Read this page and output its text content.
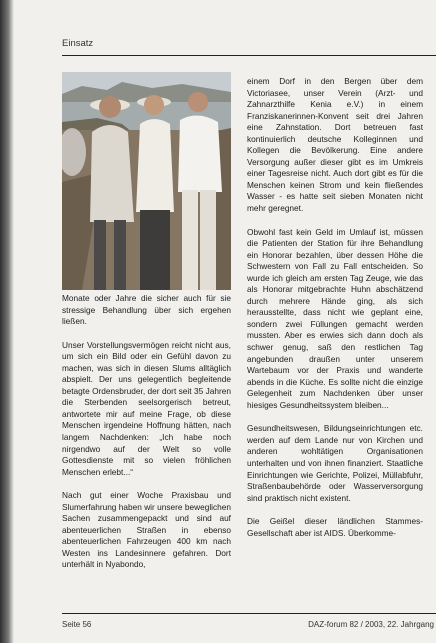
Einsatz

Monate oder Jahre die sicher auch für sie stressige Behandlung über sich ergehen ließen.

Unser Vorstellungsvermögen reicht nicht aus, um sich ein Bild oder ein Gefühl davon zu machen, was sich in diesen Slums alltäglich abspielt. Der uns gelegentlich begleitende betagte Ordensbruder, der dort seit 35 Jahren die Sterbenden seelsorgerisch betreut, antwortete mir auf meine Frage, ob diese Menschen irgendeine Hoffnung hätten, nach langem Nachdenken: „Ich habe noch nirgendwo auf der Welt so volle Gottesdienste mit so vielen fröhlichen Menschen erlebt...“

Nach gut einer Woche Praxisbau und Slumerfahrung haben wir unsere beweglichen Sachen zusammengepackt und sind auf abenteuerlichen Straßen in ebenso abenteuerlichen Fahrzeugen 400 km nach Westen ins Landesinnere gefahren. Dort unterhält in Nyabondo,

einem Dorf in den Bergen über dem Victoriasee, unser Verein (Arzt- und Zahnarzthilfe Kenia e.V.) in einem Franziskanerinnen-Konvent seit drei Jahren eine Zahnstation. Dort betreuen fast kontinuierlich deutsche Kolleginnen und Kollegen die Bevölkerung. Eine andere Versorgung außer dieser gibt es im Umkreis einer Tagesreise nicht. Auch dort gibt es für die Menschen keinen Strom und kein fließendes Wasser - es hatte seit sieben Monaten nicht mehr geregnet.

Obwohl fast kein Geld im Umlauf ist, müssen die Patienten der Station für ihre Behandlung ein Honorar bezahlen, über dessen Höhe die Schwestern von Fall zu Fall entscheiden. So wurde ich gleich am ersten Tag Zeuge, wie das als Honorar mitgebrachte Huhn abschätzend durch mehrere Hände ging, als sich herausstellte, dass nicht wie geplant eine, sondern zwei Füllungen gemacht werden mussten. Aber es erwies sich dann doch als schwer genug, saß den restlichen Tag angebunden draußen unter unserem Wartebaum vor der Praxis und wanderte abends in die Küche. Es sollte nicht die einzige Gelegenheit zum Nachdenken über unser hiesiges Gesundheitssystem bleiben...

Gesundheitswesen, Bildungseinrichtungen etc. werden auf dem Lande nur von Kirchen und anderen wohltätigen Organisationen unterhalten und von ihnen finanziert. Staatliche Einrichtungen wie Gerichte, Polizei, Müllabfuhr, Straßenbaubehörde oder Wasserversorgung sind praktisch nicht existent.

Die Geißel dieser ländlichen Stammes-Gesellschaft aber ist AIDS. Überkomme-

Seite 56	DAZ-forum 82 / 2003, 22. Jahrgang
